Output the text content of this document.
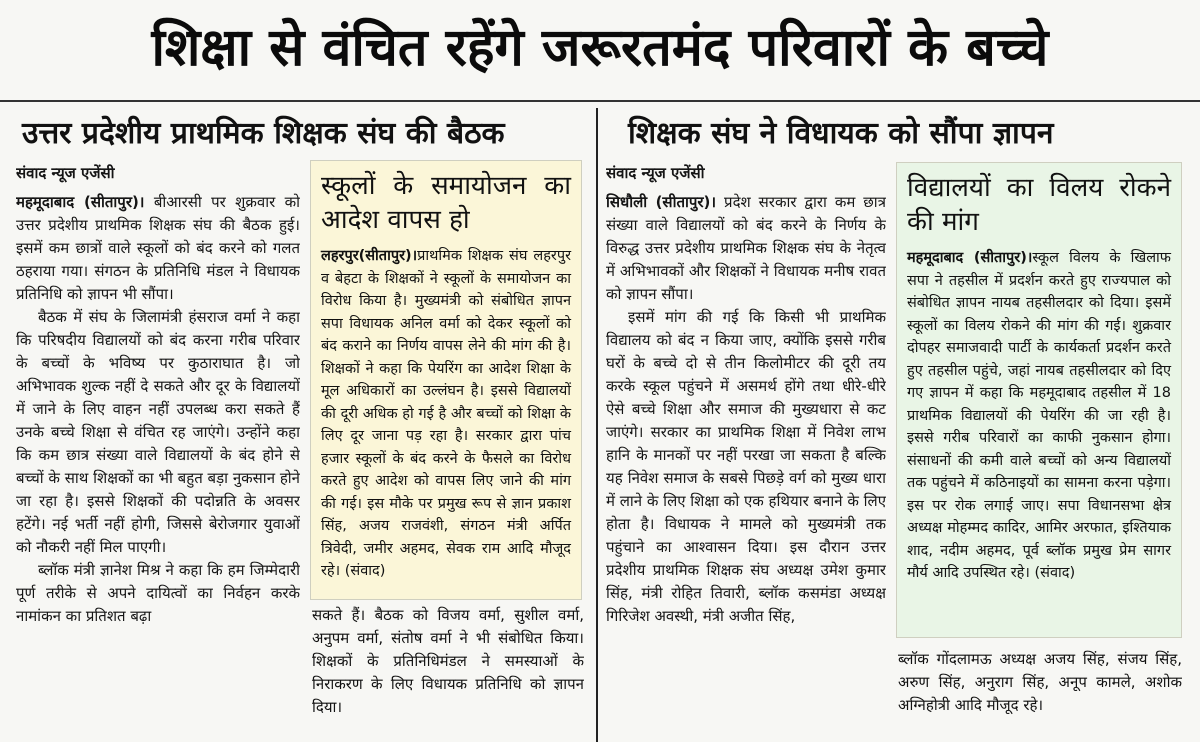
शिक्षा से वंचित रहेंगे जरूरतमंद परिवारों के बच्चे
उत्तर प्रदेशीय प्राथमिक शिक्षक संघ की बैठक	शिक्षक संघ ने विधायक को सौंपा ज्ञापन
संवाद न्यूज एजेंसी

महमूदाबाद (सीतापुर)। बीआरसी पर शुक्रवार को उत्तर प्रदेशीय प्राथमिक शिक्षक संघ की बैठक हुई। इसमें कम छात्रों वाले स्कूलों को बंद करने को गलत ठहराया गया। संगठन के प्रतिनिधि मंडल ने विधायक प्रतिनिधि को ज्ञापन भी सौंपा।

बैठक में संघ के जिलामंत्री हंसराज वर्मा ने कहा कि परिषदीय विद्यालयों को बंद करना गरीब परिवार के बच्चों के भविष्य पर कुठाराघात है। जो अभिभावक शुल्क नहीं दे सकते और दूर के विद्यालयों में जाने के लिए वाहन नहीं उपलब्ध करा सकते हैं उनके बच्चे शिक्षा से वंचित रह जाएंगे। उन्होंने कहा कि कम छात्र संख्या वाले विद्यालयों के बंद होने से बच्चों के साथ शिक्षकों का भी बहुत बड़ा नुकसान होने जा रहा है। इससे शिक्षकों की पदोन्नति के अवसर हटेंगे। नई भर्ती नहीं होगी, जिससे बेरोजगार युवाओं को नौकरी नहीं मिल पाएगी।

ब्लॉक मंत्री ज्ञानेश मिश्र ने कहा कि हम जिम्मेदारी पूर्ण तरीके से अपने दायित्वों का निर्वहन करके नामांकन का प्रतिशत बढ़ा

स्कूलों के समायोजन का आदेश वापस हो
लहरपुर(सीतापुर)।प्राथमिक शिक्षक संघ लहरपुर व बेहटा के शिक्षकों ने स्कूलों के समायोजन का विरोध किया है। मुख्यमंत्री को संबोधित ज्ञापन सपा विधायक अनिल वर्मा को देकर स्कूलों को बंद कराने का निर्णय वापस लेने की मांग की है। शिक्षकों ने कहा कि पेयरिंग का आदेश शिक्षा के मूल अधिकारों का उल्लंघन है। इससे विद्यालयों की दूरी अधिक हो गई है और बच्चों को शिक्षा के लिए दूर जाना पड़ रहा है। सरकार द्वारा पांच हजार स्कूलों के बंद करने के फैसले का विरोध करते हुए आदेश को वापस लिए जाने की मांग की गई। इस मौके पर प्रमुख रूप से ज्ञान प्रकाश सिंह, अजय राजवंशी, संगठन मंत्री अर्पित त्रिवेदी, जमीर अहमद, सेवक राम आदि मौजूद रहे। (संवाद)
सकते हैं। बैठक को विजय वर्मा, सुशील वर्मा, अनुपम वर्मा, संतोष वर्मा ने भी संबोधित किया। शिक्षकों के प्रतिनिधिमंडल ने समस्याओं के निराकरण के लिए विधायक प्रतिनिधि को ज्ञापन दिया।
संवाद न्यूज एजेंसी

सिधौली (सीतापुर)। प्रदेश सरकार द्वारा कम छात्र संख्या वाले विद्यालयों को बंद करने के निर्णय के विरुद्ध उत्तर प्रदेशीय प्राथमिक शिक्षक संघ के नेतृत्व में अभिभावकों और शिक्षकों ने विधायक मनीष रावत को ज्ञापन सौंपा।

इसमें मांग की गई कि किसी भी प्राथमिक विद्यालय को बंद न किया जाए, क्योंकि इससे गरीब घरों के बच्चे दो से तीन किलोमीटर की दूरी तय करके स्कूल पहुंचने में असमर्थ होंगे तथा धीरे-धीरे ऐसे बच्चे शिक्षा और समाज की मुख्यधारा से कट जाएंगे। सरकार का प्राथमिक शिक्षा में निवेश लाभ हानि के मानकों पर नहीं परखा जा सकता है बल्कि यह निवेश समाज के सबसे पिछड़े वर्ग को मुख्य धारा में लाने के लिए शिक्षा को एक हथियार बनाने के लिए होता है। विधायक ने मामले को मुख्यमंत्री तक पहुंचाने का आश्वासन दिया। इस दौरान उत्तर प्रदेशीय प्राथमिक शिक्षक संघ अध्यक्ष उमेश कुमार सिंह, मंत्री रोहित तिवारी, ब्लॉक कसमंडा अध्यक्ष गिरिजेश अवस्थी, मंत्री अजीत सिंह,

विद्यालयों का विलय रोकने की मांग
महमूदाबाद (सीतापुर)।स्कूल विलय के खिलाफ सपा ने तहसील में प्रदर्शन करते हुए राज्यपाल को संबोधित ज्ञापन नायब तहसीलदार को दिया। इसमें स्कूलों का विलय रोकने की मांग की गई। शुक्रवार दोपहर समाजवादी पार्टी के कार्यकर्ता प्रदर्शन करते हुए तहसील पहुंचे, जहां नायब तहसीलदार को दिए गए ज्ञापन में कहा कि महमूदाबाद तहसील में 18 प्राथमिक विद्यालयों की पेयरिंग की जा रही है। इससे गरीब परिवारों का काफी नुकसान होगा। संसाधनों की कमी वाले बच्चों को अन्य विद्यालयों तक पहुंचने में कठिनाइयों का सामना करना पड़ेगा। इस पर रोक लगाई जाए। सपा विधानसभा क्षेत्र अध्यक्ष मोहम्मद कादिर, आमिर अरफात, इश्तियाक शाद, नदीम अहमद, पूर्व ब्लॉक प्रमुख प्रेम सागर मौर्य आदि उपस्थित रहे। (संवाद)
ब्लॉक गोंदलामऊ अध्यक्ष अजय सिंह, संजय सिंह, अरुण सिंह, अनुराग सिंह, अनूप कामले, अशोक अग्निहोत्री आदि मौजूद रहे।
